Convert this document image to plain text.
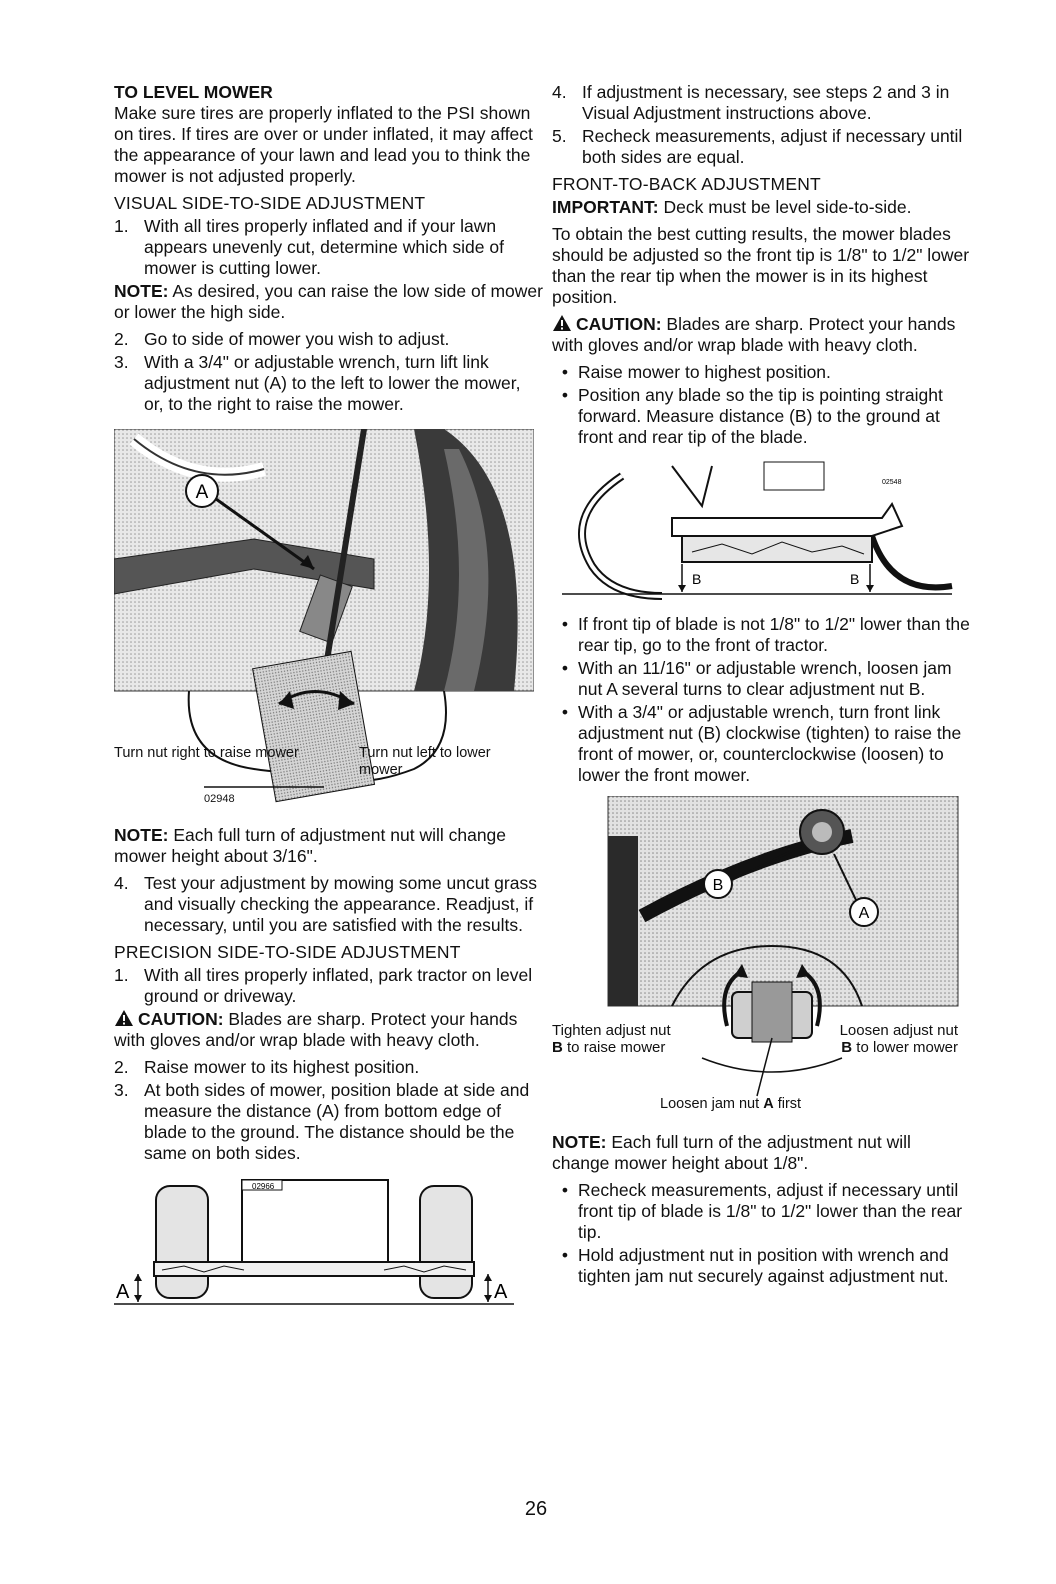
TO LEVEL MOWER

Make sure tires are properly inflated to the PSI shown on tires. If tires are over or under inflated, it may affect the appearance of your lawn and lead you to think the mower is not adjusted properly.

VISUAL SIDE-TO-SIDE ADJUSTMENT
1. With all tires properly inflated and if your lawn appears unevenly cut, determine which side of mower is cutting lower.

NOTE: As desired, you can raise the low side of mower or lower the high side.

2. Go to side of mower you wish to adjust.
3. With a 3/4" or adjustable wrench, turn lift link adjustment nut (A) to the left to lower the mower, or, to the right to raise the mower.
A
Turn nut right to raise mower	Turn nut left to lower mower
02948

NOTE: Each full turn of adjustment nut will change mower height about 3/16".

4. Test your adjustment by mowing some uncut grass and visually checking the appearance. Readjust, if necessary, until you are satisfied with the results.
PRECISION SIDE-TO-SIDE ADJUSTMENT
1. With all tires properly inflated, park tractor on level ground or driveway.

CAUTION: Blades are sharp. Protect your hands with gloves and/or wrap blade with heavy cloth.

2. Raise mower to its highest position.
3. At both sides of mower, position blade at side and measure the distance (A) from bottom edge of blade to the ground. The distance should be the same on both sides.
02966
A	A
4. If adjustment is necessary, see steps 2 and 3 in Visual Adjustment instructions above.
5. Recheck measurements, adjust if necessary until both sides are equal.
FRONT-TO-BACK ADJUSTMENT

IMPORTANT: Deck must be level side-to-side.

To obtain the best cutting results, the mower blades should be adjusted so the front tip is 1/8" to 1/2" lower than the rear tip when the mower is in its highest position.

CAUTION: Blades are sharp. Protect your hands with gloves and/or wrap blade with heavy cloth.

• Raise mower to highest position.
• Position any blade so the tip is pointing straight forward. Measure distance (B) to the ground at front and rear tip of the blade.
B	B
02548
• If front tip of blade is not 1/8" to 1/2" lower than the rear tip, go to the front of tractor.
• With an 11/16" or adjustable wrench, loosen jam nut A several turns to clear adjustment nut B.
• With a 3/4" or adjustable wrench, turn front link adjustment nut (B) clockwise (tighten) to raise the front of mower, or, counterclockwise (loosen) to lower the front mower.
B
A
Tighten adjust nut
B to raise mower
Loosen adjust nut B to lower mower
Loosen jam nut A first

NOTE: Each full turn of the adjustment nut will change mower height about 1/8".

• Recheck measurements, adjust if necessary until front tip of blade is 1/8" to 1/2" lower than the rear tip.
• Hold adjustment nut in position with wrench and tighten jam nut securely against adjustment nut.
26
